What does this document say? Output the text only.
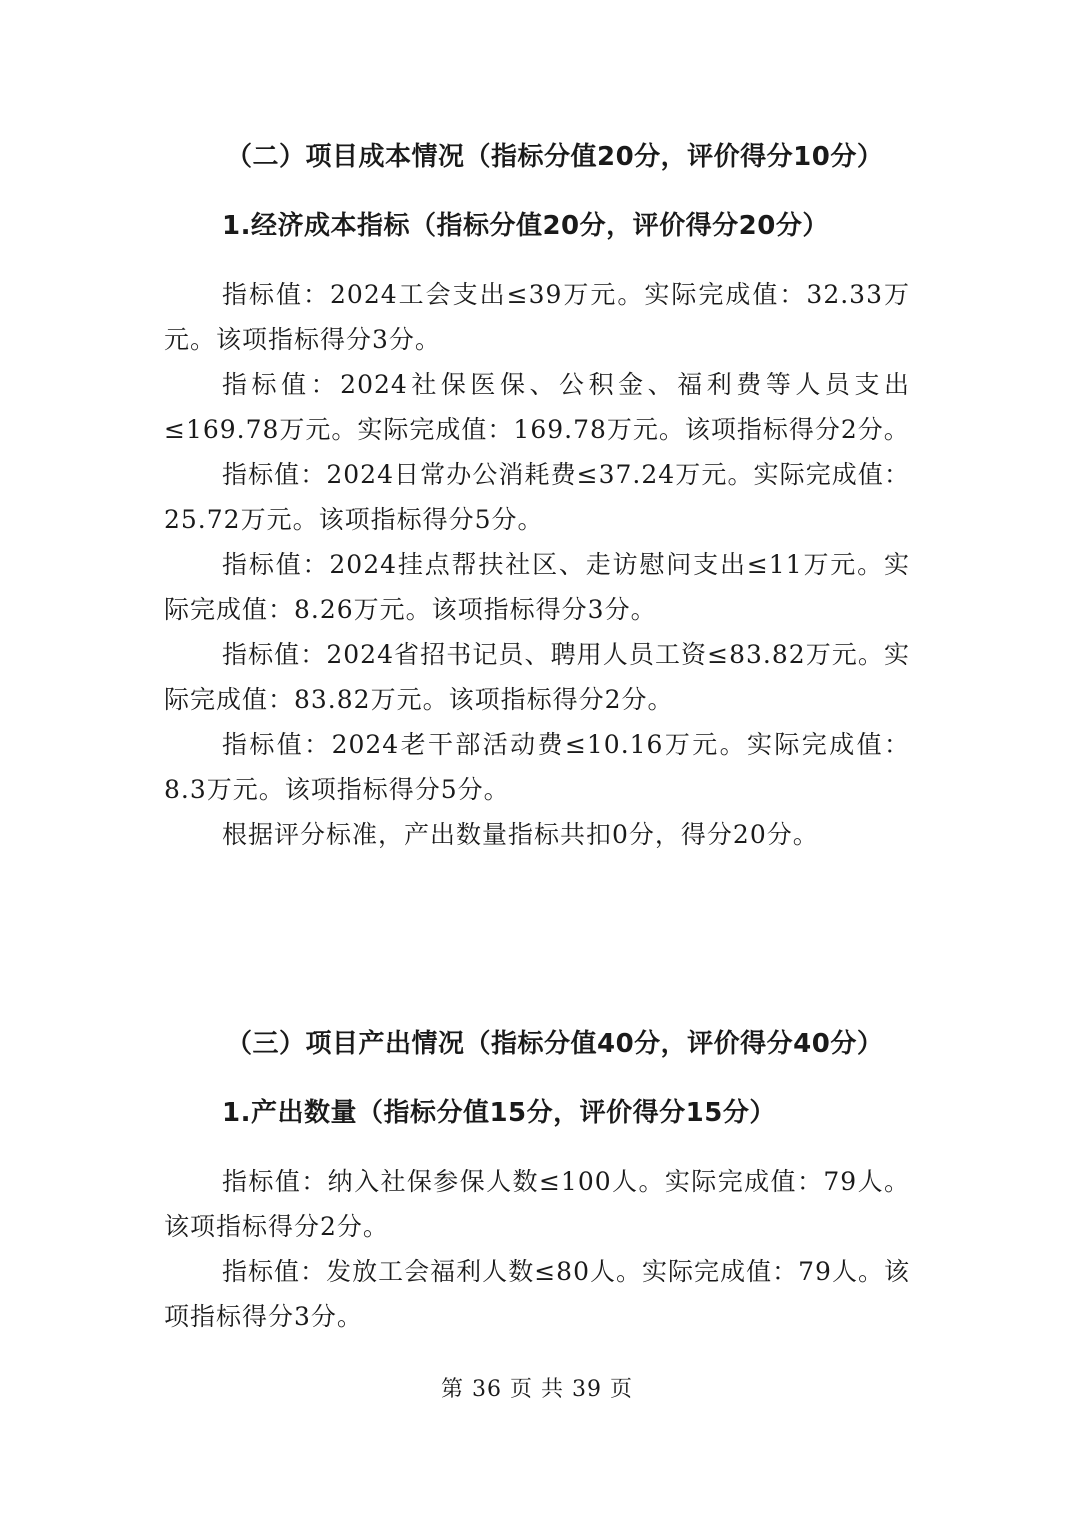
（二）项目成本情况（指标分值20分，评价得分10分）
1.经济成本指标（指标分值20分，评价得分20分）

指标值：2024工会支出≤39万元。实际完成值：32.33万元。该项指标得分3分。

指标值：2024社保医保、公积金、福利费等人员支出≤169.78万元。实际完成值：169.78万元。该项指标得分2分。

指标值：2024日常办公消耗费≤37.24万元。实际完成值：25.72万元。该项指标得分5分。

指标值：2024挂点帮扶社区、走访慰问支出≤11万元。实际完成值：8.26万元。该项指标得分3分。

指标值：2024省招书记员、聘用人员工资≤83.82万元。实际完成值：83.82万元。该项指标得分2分。

指标值：2024老干部活动费≤10.16万元。实际完成值：8.3万元。该项指标得分5分。

根据评分标准，产出数量指标共扣0分，得分20分。

（三）项目产出情况（指标分值40分，评价得分40分）
1.产出数量（指标分值15分，评价得分15分）

指标值：纳入社保参保人数≤100人。实际完成值：79人。该项指标得分2分。

指标值：发放工会福利人数≤80人。实际完成值：79人。该项指标得分3分。

第 36 页 共 39 页
